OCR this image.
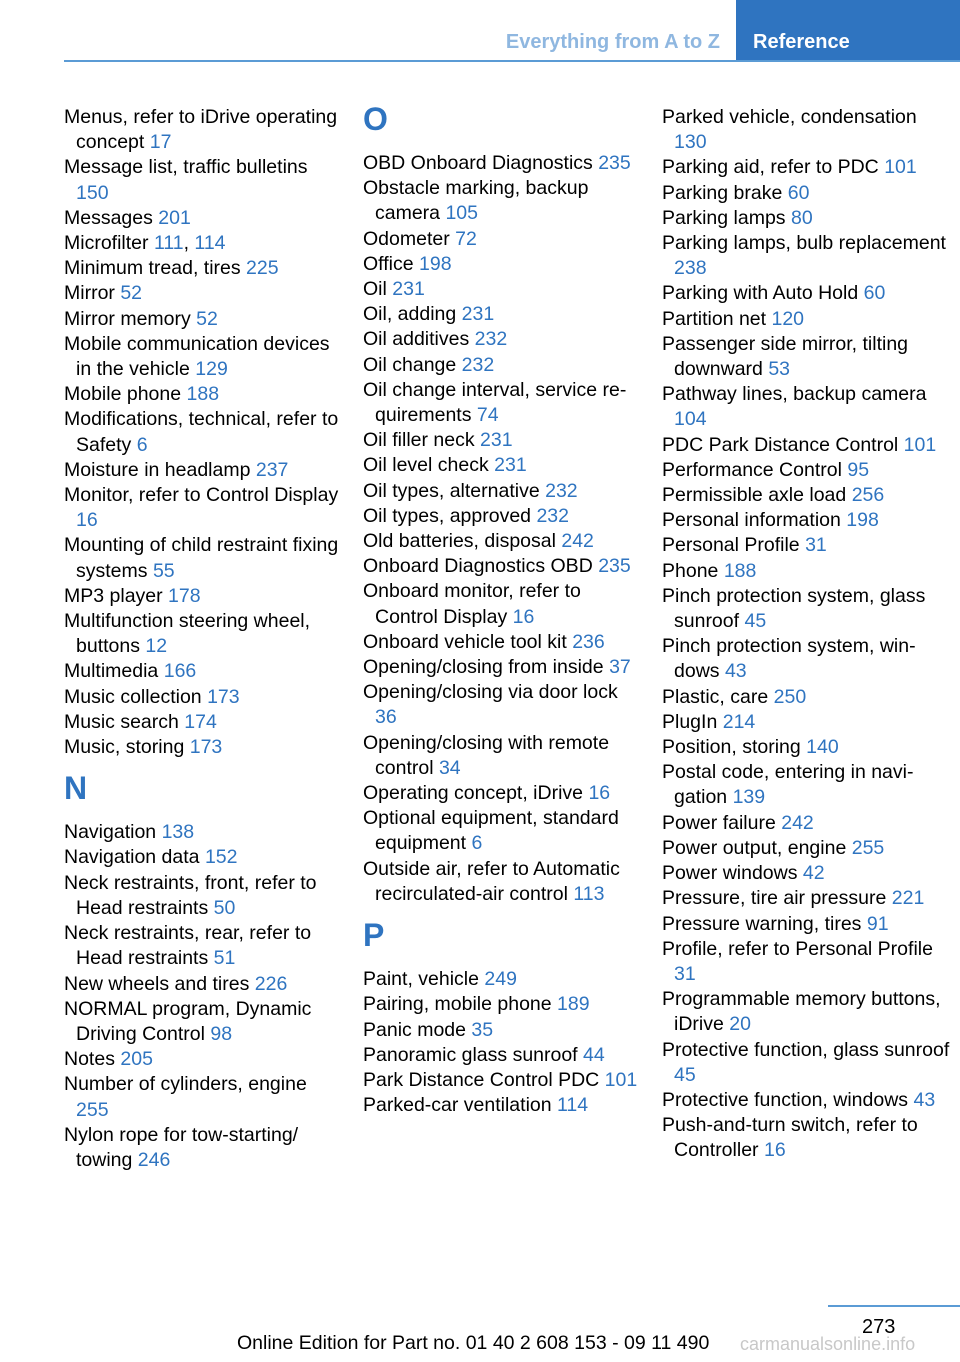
Everything from A to Z Reference
Menus, refer to iDrive operating concept 17
Message list, traffic bulletins 150
Messages 201
Microfilter 111, 114
Minimum tread, tires 225
Mirror 52
Mirror memory 52
Mobile communication devices in the vehicle 129
Mobile phone 188
Modifications, technical, refer to Safety 6
Moisture in headlamp 237
Monitor, refer to Control Display 16
Mounting of child restraint fixing systems 55
MP3 player 178
Multifunction steering wheel, buttons 12
Multimedia 166
Music collection 173
Music search 174
Music, storing 173
N
Navigation 138
Navigation data 152
Neck restraints, front, refer to Head restraints 50
Neck restraints, rear, refer to Head restraints 51
New wheels and tires 226
NORMAL program, Dynamic Driving Control 98
Notes 205
Number of cylinders, engine 255
Nylon rope for tow-starting/ towing 246
O
OBD Onboard Diagnostics 235
Obstacle marking, backup camera 105
Odometer 72
Office 198
Oil 231
Oil, adding 231
Oil additives 232
Oil change 232
Oil change interval, service requirements 74
Oil filler neck 231
Oil level check 231
Oil types, alternative 232
Oil types, approved 232
Old batteries, disposal 242
Onboard Diagnostics OBD 235
Onboard monitor, refer to Control Display 16
Onboard vehicle tool kit 236
Opening/closing from inside 37
Opening/closing via door lock 36
Opening/closing with remote control 34
Operating concept, iDrive 16
Optional equipment, standard equipment 6
Outside air, refer to Automatic recirculated-air control 113
P
Paint, vehicle 249
Pairing, mobile phone 189
Panic mode 35
Panoramic glass sunroof 44
Park Distance Control PDC 101
Parked-car ventilation 114
Parked vehicle, condensation 130
Parking aid, refer to PDC 101
Parking brake 60
Parking lamps 80
Parking lamps, bulb replacement 238
Parking with Auto Hold 60
Partition net 120
Passenger side mirror, tilting downward 53
Pathway lines, backup camera 104
PDC Park Distance Control 101
Performance Control 95
Permissible axle load 256
Personal information 198
Personal Profile 31
Phone 188
Pinch protection system, glass sunroof 45
Pinch protection system, windows 43
Plastic, care 250
PlugIn 214
Position, storing 140
Postal code, entering in navigation 139
Power failure 242
Power output, engine 255
Power windows 42
Pressure, tire air pressure 221
Pressure warning, tires 91
Profile, refer to Personal Profile 31
Programmable memory buttons, iDrive 20
Protective function, glass sunroof 45
Protective function, windows 43
Push-and-turn switch, refer to Controller 16
273
Online Edition for Part no. 01 40 2 608 153 - 09 11 490 carmanualsonline.info
